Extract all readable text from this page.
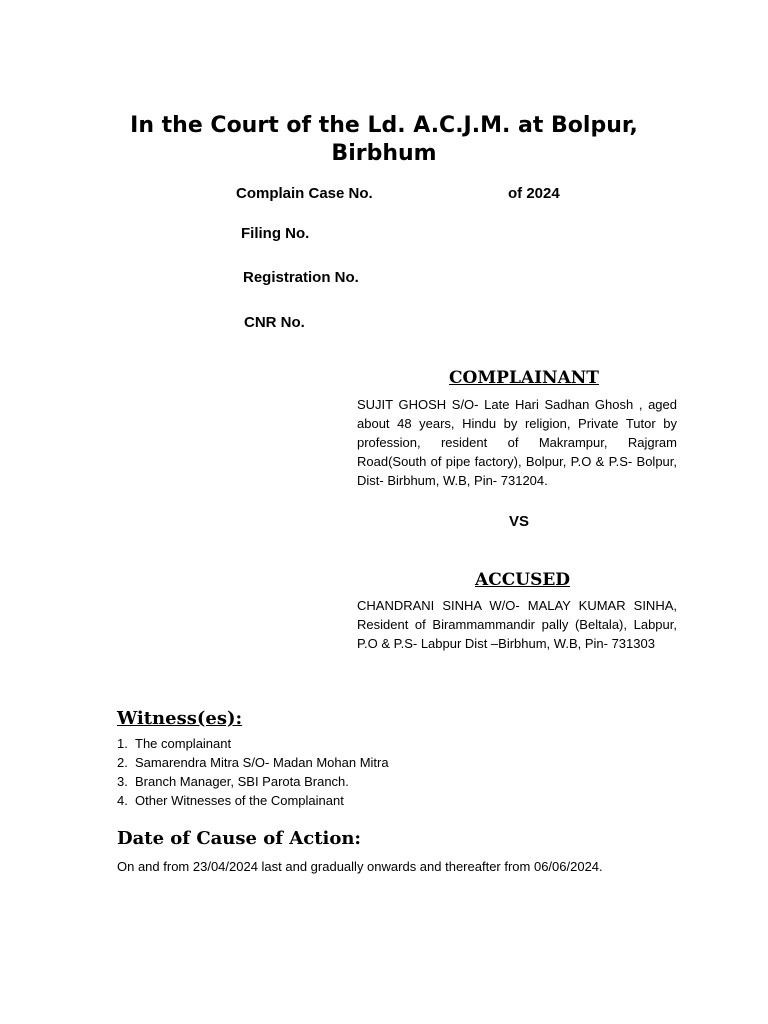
In the Court of the Ld. A.C.J.M. at Bolpur,
Birbhum
Complain Case No.	of 2024
Filing No.
Registration No.
CNR No.
COMPLAINANT
SUJIT GHOSH S/O- Late Hari Sadhan Ghosh , aged about 48 years, Hindu by religion, Private Tutor by profession, resident of Makrampur, Rajgram Road(South of pipe factory), Bolpur, P.O & P.S- Bolpur, Dist- Birbhum, W.B, Pin- 731204.
VS
ACCUSED
CHANDRANI SINHA W/O- MALAY KUMAR SINHA, Resident of Birammammandir pally (Beltala), Labpur, P.O & P.S- Labpur Dist –Birbhum, W.B, Pin- 731303
Witness(es):
1. The complainant
2. Samarendra Mitra S/O- Madan Mohan Mitra
3. Branch Manager, SBI Parota Branch.
4. Other Witnesses of the Complainant
Date of Cause of Action:
On and from 23/04/2024 last and gradually onwards and thereafter from 06/06/2024.
